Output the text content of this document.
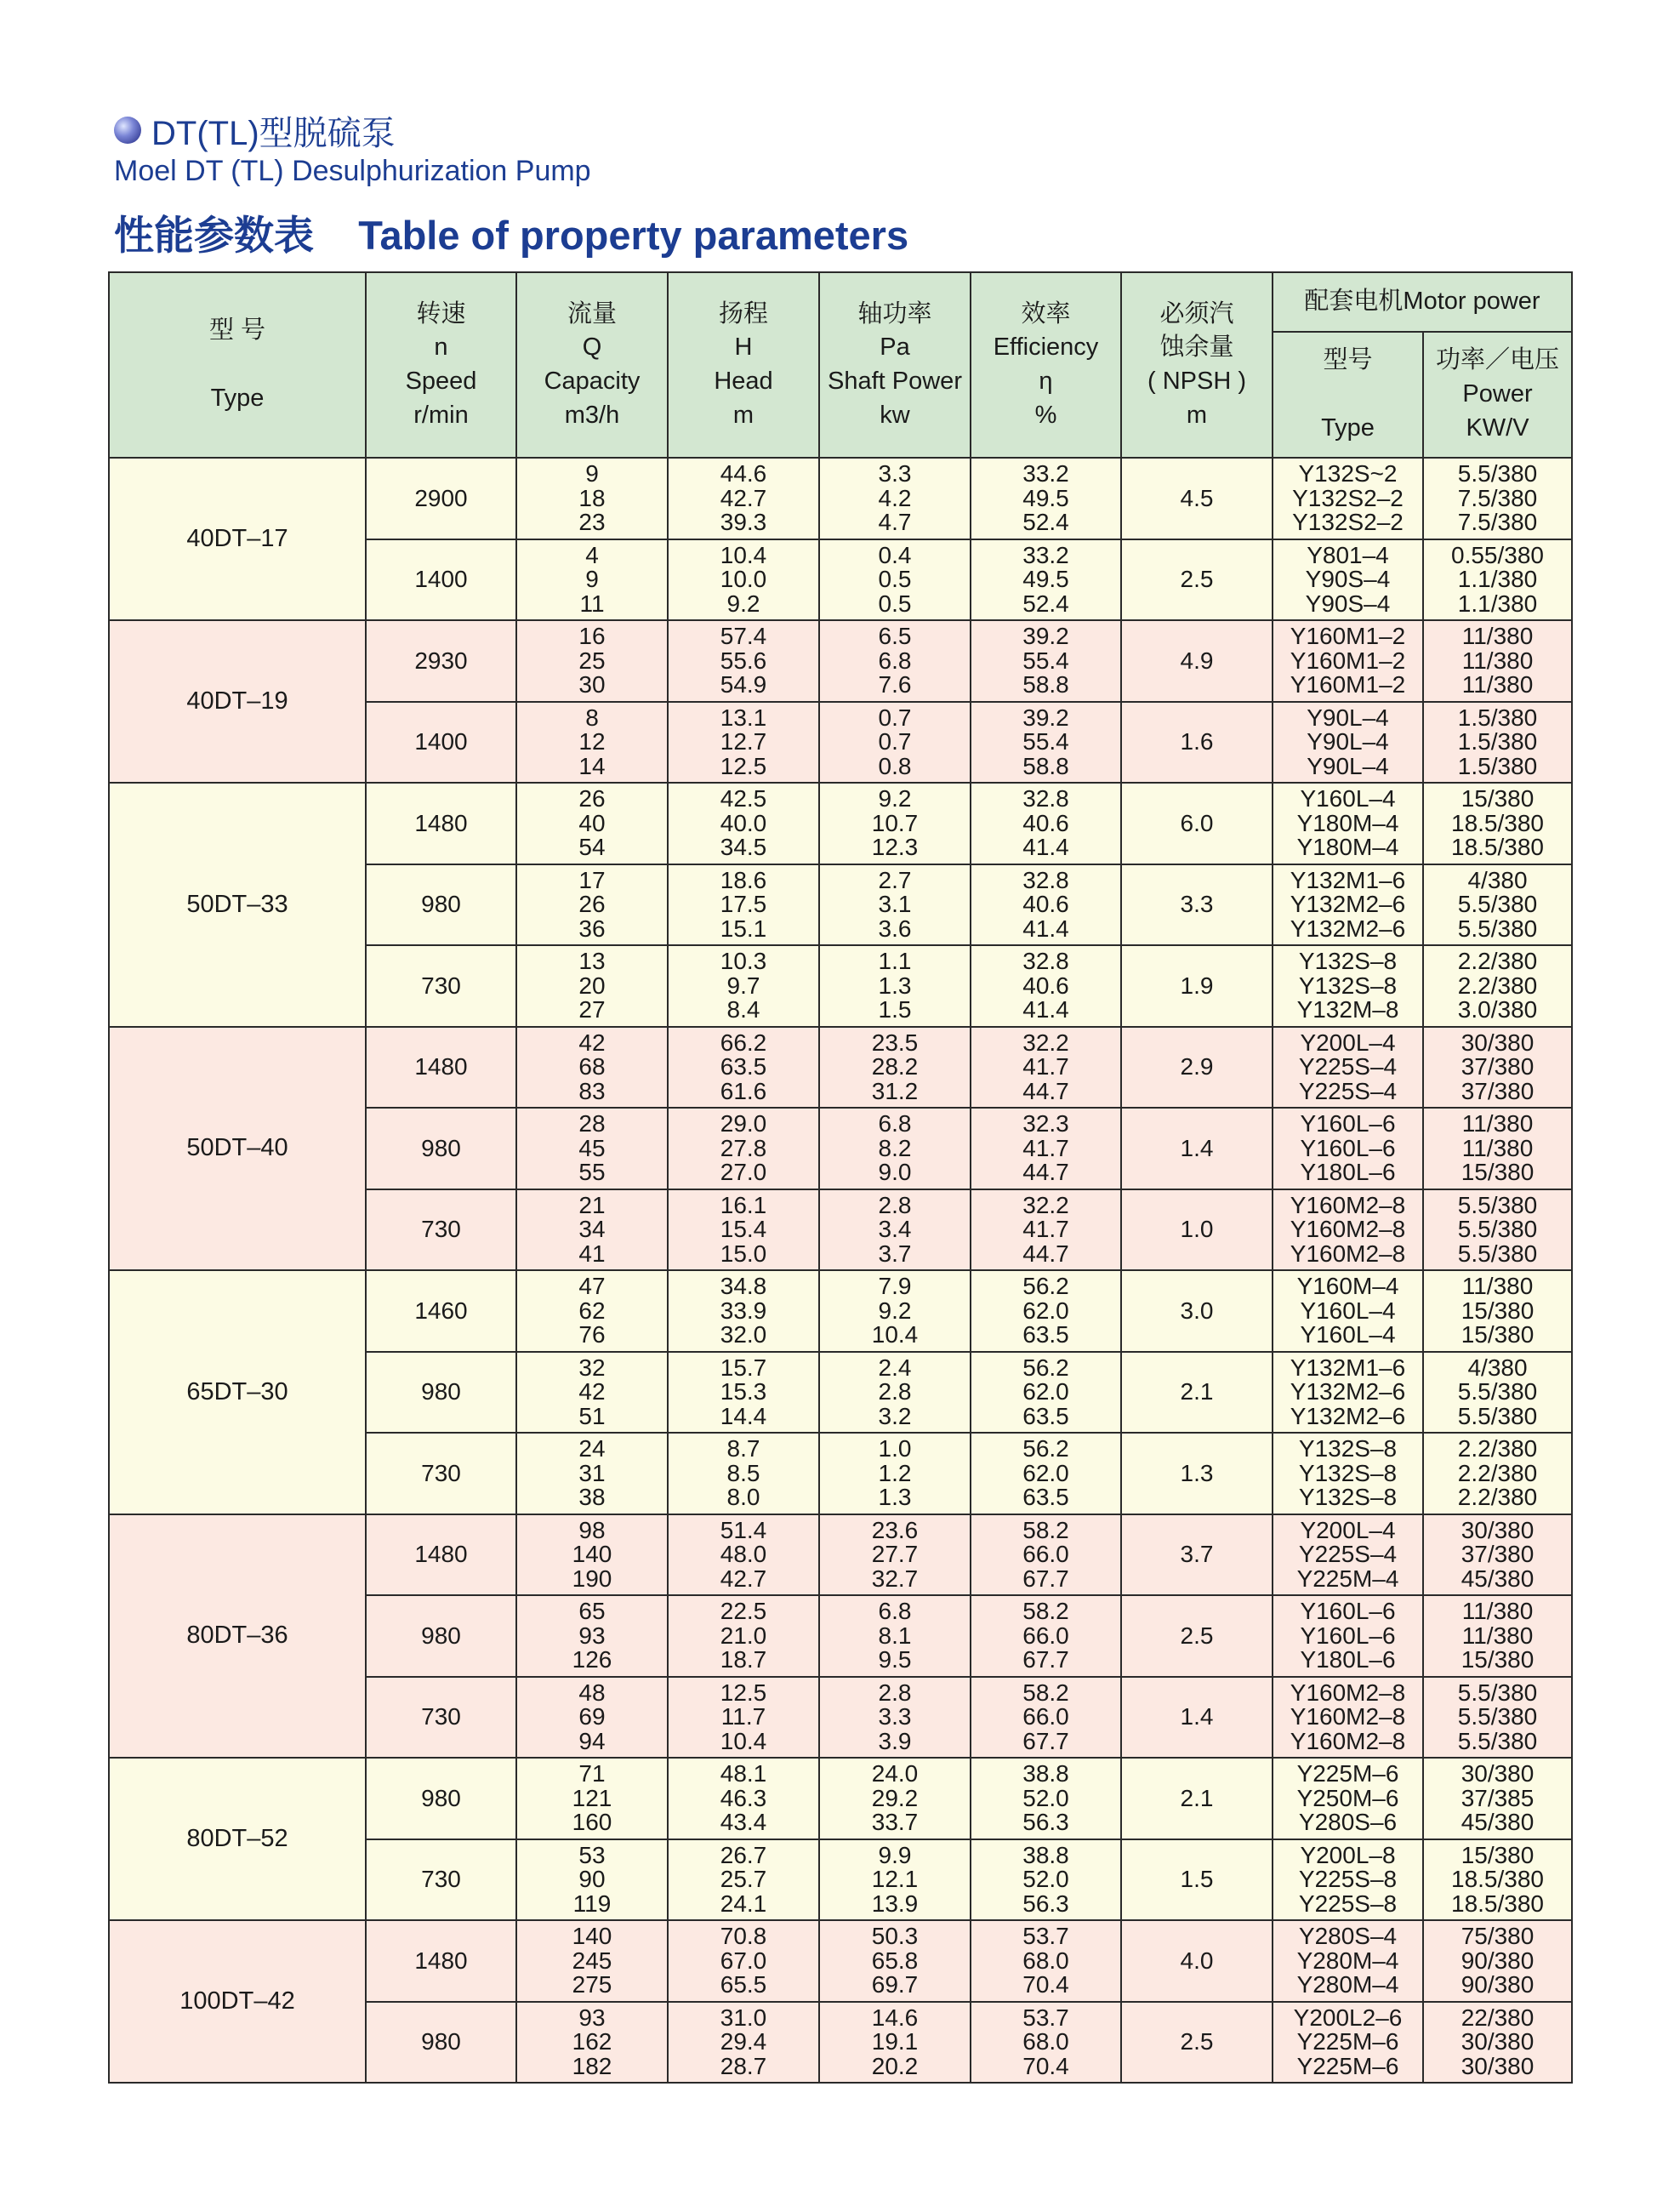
DT(TL)型脱硫泵
Moel DT (TL) Desulphurization Pump
性能参数表    Table of property parameters
型 号

Type	转速
n
Speed
r/min	流量
Q
Capacity
m3/h	扬程
H
Head
m	轴功率
Pa
Shaft Power
kw	效率
Efficiency
η
%	必须汽
蚀余量
( NPSH )
m	配套电机Motor power	
							型号

Type	功率／电压
Power
KW/V
40DT–17	2900	9
18
23	44.6
42.7
39.3	3.3
4.2
4.7	33.2
49.5
52.4	4.5	Y132S~2
Y132S2–2
Y132S2–2	5.5/380
7.5/380
7.5/380
	1400	4
9
11	10.4
10.0
9.2	0.4
0.5
0.5	33.2
49.5
52.4	2.5	Y801–4
Y90S–4
Y90S–4	0.55/380
1.1/380
1.1/380
40DT–19	2930	16
25
30	57.4
55.6
54.9	6.5
6.8
7.6	39.2
55.4
58.8	4.9	Y160M1–2
Y160M1–2
Y160M1–2	11/380
11/380
11/380
	1400	8
12
14	13.1
12.7
12.5	0.7
0.7
0.8	39.2
55.4
58.8	1.6	Y90L–4
Y90L–4
Y90L–4	1.5/380
1.5/380
1.5/380
50DT–33	1480	26
40
54	42.5
40.0
34.5	9.2
10.7
12.3	32.8
40.6
41.4	6.0	Y160L–4
Y180M–4
Y180M–4	15/380
18.5/380
18.5/380
	980	17
26
36	18.6
17.5
15.1	2.7
3.1
3.6	32.8
40.6
41.4	3.3	Y132M1–6
Y132M2–6
Y132M2–6	4/380
5.5/380
5.5/380
	730	13
20
27	10.3
9.7
8.4	1.1
1.3
1.5	32.8
40.6
41.4	1.9	Y132S–8
Y132S–8
Y132M–8	2.2/380
2.2/380
3.0/380
50DT–40	1480	42
68
83	66.2
63.5
61.6	23.5
28.2
31.2	32.2
41.7
44.7	2.9	Y200L–4
Y225S–4
Y225S–4	30/380
37/380
37/380
	980	28
45
55	29.0
27.8
27.0	6.8
8.2
9.0	32.3
41.7
44.7	1.4	Y160L–6
Y160L–6
Y180L–6	11/380
11/380
15/380
	730	21
34
41	16.1
15.4
15.0	2.8
3.4
3.7	32.2
41.7
44.7	1.0	Y160M2–8
Y160M2–8
Y160M2–8	5.5/380
5.5/380
5.5/380
65DT–30	1460	47
62
76	34.8
33.9
32.0	7.9
9.2
10.4	56.2
62.0
63.5	3.0	Y160M–4
Y160L–4
Y160L–4	11/380
15/380
15/380
	980	32
42
51	15.7
15.3
14.4	2.4
2.8
3.2	56.2
62.0
63.5	2.1	Y132M1–6
Y132M2–6
Y132M2–6	4/380
5.5/380
5.5/380
	730	24
31
38	8.7
8.5
8.0	1.0
1.2
1.3	56.2
62.0
63.5	1.3	Y132S–8
Y132S–8
Y132S–8	2.2/380
2.2/380
2.2/380
80DT–36	1480	98
140
190	51.4
48.0
42.7	23.6
27.7
32.7	58.2
66.0
67.7	3.7	Y200L–4
Y225S–4
Y225M–4	30/380
37/380
45/380
	980	65
93
126	22.5
21.0
18.7	6.8
8.1
9.5	58.2
66.0
67.7	2.5	Y160L–6
Y160L–6
Y180L–6	11/380
11/380
15/380
	730	48
69
94	12.5
11.7
10.4	2.8
3.3
3.9	58.2
66.0
67.7	1.4	Y160M2–8
Y160M2–8
Y160M2–8	5.5/380
5.5/380
5.5/380
80DT–52	980	71
121
160	48.1
46.3
43.4	24.0
29.2
33.7	38.8
52.0
56.3	2.1	Y225M–6
Y250M–6
Y280S–6	30/380
37/385
45/380
	730	53
90
119	26.7
25.7
24.1	9.9
12.1
13.9	38.8
52.0
56.3	1.5	Y200L–8
Y225S–8
Y225S–8	15/380
18.5/380
18.5/380
100DT–42	1480	140
245
275	70.8
67.0
65.5	50.3
65.8
69.7	53.7
68.0
70.4	4.0	Y280S–4
Y280M–4
Y280M–4	75/380
90/380
90/380
	980	93
162
182	31.0
29.4
28.7	14.6
19.1
20.2	53.7
68.0
70.4	2.5	Y200L2–6
Y225M–6
Y225M–6	22/380
30/380
30/380
